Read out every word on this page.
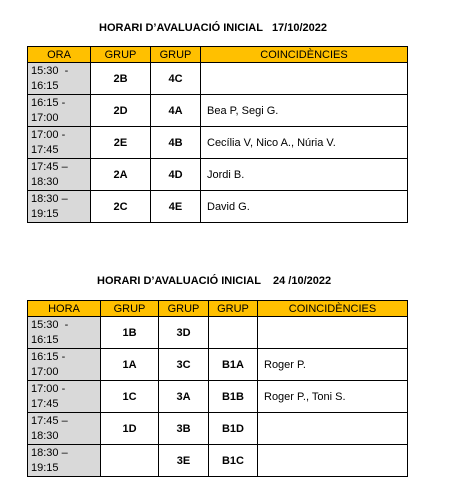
HORARI D’AVALUACIÓ INICIAL   17/10/2022
ORA	GRUP	GRUP	COINCIDÈNCIES
15:30  -
16:15	2B	4C	
16:15 -
17:00	2D	4A	Bea P, Segi G.
17:00 -
17:45	2E	4B	Cecília V, Nico A., Núria V.
17:45 –
18:30	2A	4D	Jordi B.
18:30 –
19:15	2C	4E	David G.
HORARI D’AVALUACIÓ INICIAL    24 /10/2022
HORA	GRUP	GRUP	GRUP	COINCIDÈNCIES
15:30  -
16:15	1B	3D		
16:15 -
17:00	1A	3C	B1A	Roger P.
17:00 -
17:45	1C	3A	B1B	Roger P., Toni S.
17:45 –
18:30	1D	3B	B1D	
18:30 –
19:15		3E	B1C	
